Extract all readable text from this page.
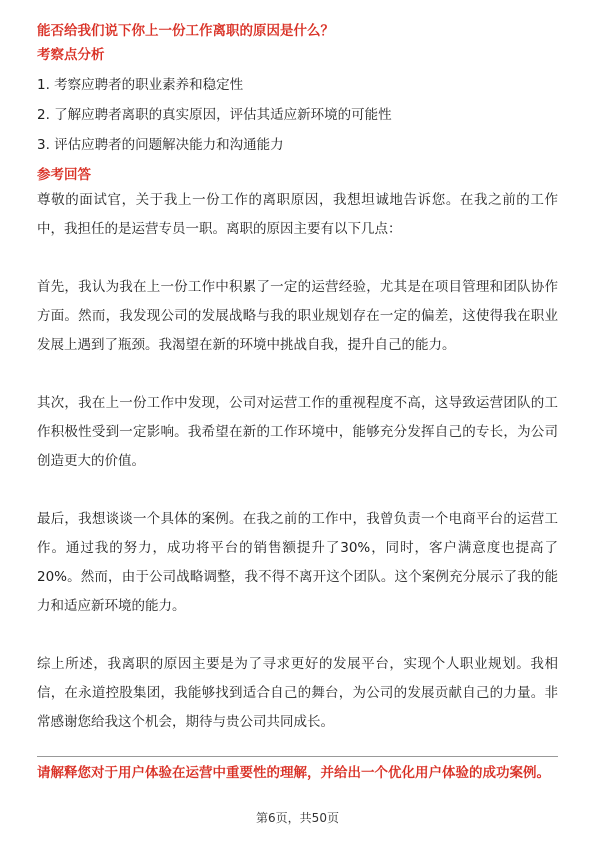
能否给我们说下你上一份工作离职的原因是什么？
考察点分析
1. 考察应聘者的职业素养和稳定性
2. 了解应聘者离职的真实原因，评估其适应新环境的可能性
3. 评估应聘者的问题解决能力和沟通能力
参考回答

尊敬的面试官，关于我上一份工作的离职原因，我想坦诚地告诉您。在我之前的工作中，我担任的是运营专员一职。离职的原因主要有以下几点：

首先，我认为我在上一份工作中积累了一定的运营经验，尤其是在项目管理和团队协作方面。然而，我发现公司的发展战略与我的职业规划存在一定的偏差，这使得我在职业发展上遇到了瓶颈。我渴望在新的环境中挑战自我，提升自己的能力。

其次，我在上一份工作中发现，公司对运营工作的重视程度不高，这导致运营团队的工作积极性受到一定影响。我希望在新的工作环境中，能够充分发挥自己的专长，为公司创造更大的价值。

最后，我想谈谈一个具体的案例。在我之前的工作中，我曾负责一个电商平台的运营工作。通过我的努力，成功将平台的销售额提升了30%，同时，客户满意度也提高了20%。然而，由于公司战略调整，我不得不离开这个团队。这个案例充分展示了我的能力和适应新环境的能力。

综上所述，我离职的原因主要是为了寻求更好的发展平台，实现个人职业规划。我相信，在永道控股集团，我能够找到适合自己的舞台，为公司的发展贡献自己的力量。非常感谢您给我这个机会，期待与贵公司共同成长。

请解释您对于用户体验在运营中重要性的理解，并给出一个优化用户体验的成功案例。

第6页，共50页
